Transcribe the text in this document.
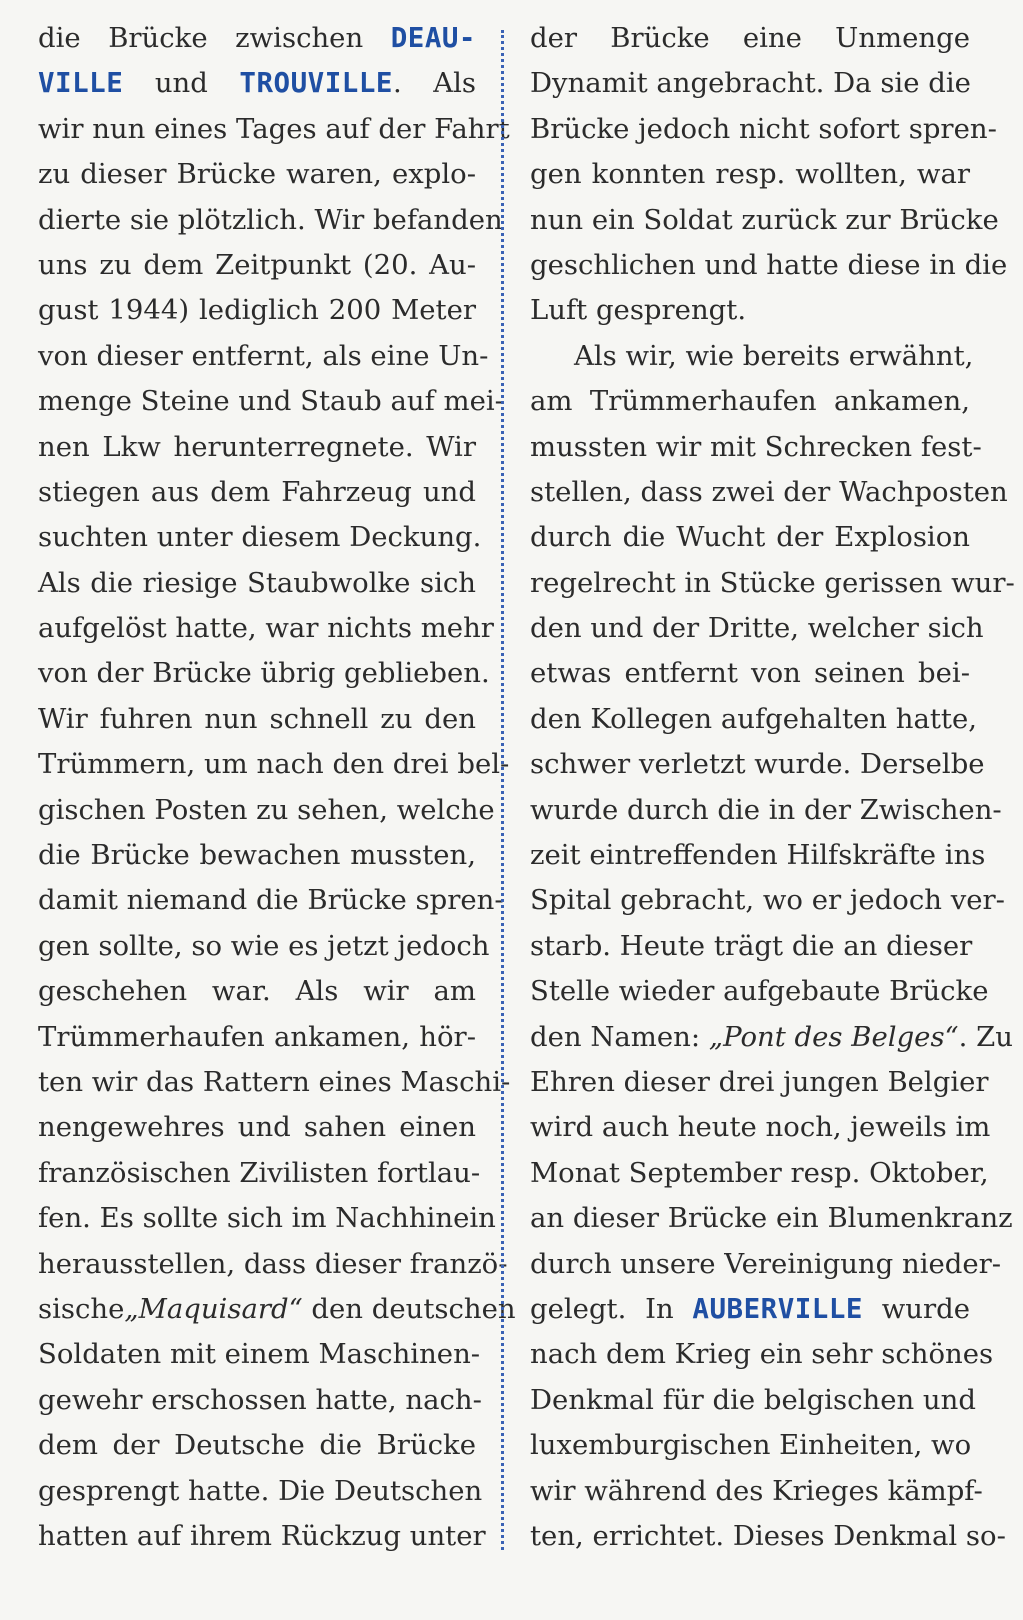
die Brücke zwischen DEAU-
VILLE und TROUVILLE. Als
wir nun eines Tages auf der Fahrt
zu dieser Brücke waren, explo-
dierte sie plötzlich. Wir befanden
uns zu dem Zeitpunkt (20. Au-
gust 1944) lediglich 200 Meter
von dieser entfernt, als eine Un-
menge Steine und Staub auf mei-
nen Lkw herunterregnete. Wir
stiegen aus dem Fahrzeug und
suchten unter diesem Deckung.
Als die riesige Staubwolke sich
aufgelöst hatte, war nichts mehr
von der Brücke übrig geblieben.
Wir fuhren nun schnell zu den
Trümmern, um nach den drei bel-
gischen Posten zu sehen, welche
die Brücke bewachen mussten,
damit niemand die Brücke spren-
gen sollte, so wie es jetzt jedoch
geschehen war. Als wir am
Trümmerhaufen ankamen, hör-
ten wir das Rattern eines Maschi-
nengewehres und sahen einen
französischen Zivilisten fortlau-
fen. Es sollte sich im Nachhinein
herausstellen, dass dieser franzö-
sische„Maquisard“ den deutschen
Soldaten mit einem Maschinen-
gewehr erschossen hatte, nach-
dem der Deutsche die Brücke
gesprengt hatte. Die Deutschen
hatten auf ihrem Rückzug unter
der Brücke eine Unmenge
Dynamit angebracht. Da sie die
Brücke jedoch nicht sofort spren-
gen konnten resp. wollten, war
nun ein Soldat zurück zur Brücke
geschlichen und hatte diese in die
Luft gesprengt.
Als wir, wie bereits erwähnt,
am Trümmerhaufen ankamen,
mussten wir mit Schrecken fest-
stellen, dass zwei der Wachposten
durch die Wucht der Explosion
regelrecht in Stücke gerissen wur-
den und der Dritte, welcher sich
etwas entfernt von seinen bei-
den Kollegen aufgehalten hatte,
schwer verletzt wurde. Derselbe
wurde durch die in der Zwischen-
zeit eintreffenden Hilfskräfte ins
Spital gebracht, wo er jedoch ver-
starb. Heute trägt die an dieser
Stelle wieder aufgebaute Brücke
den Namen: „Pont des Belges“. Zu
Ehren dieser drei jungen Belgier
wird auch heute noch, jeweils im
Monat September resp. Oktober,
an dieser Brücke ein Blumenkranz
durch unsere Vereinigung nieder-
gelegt. In AUBERVILLE wurde
nach dem Krieg ein sehr schönes
Denkmal für die belgischen und
luxemburgischen Einheiten, wo
wir während des Krieges kämpf-
ten, errichtet. Dieses Denkmal so-
